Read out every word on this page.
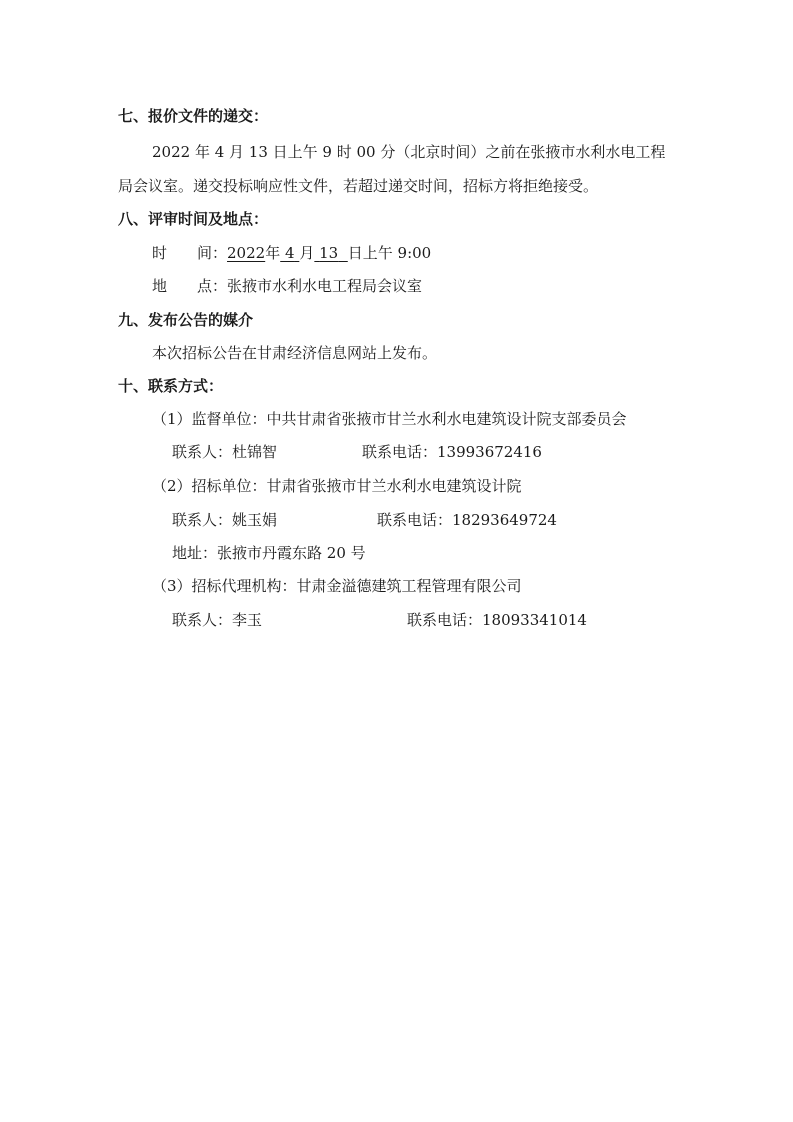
七、报价文件的递交：
2022 年 4 月 13 日上午 9 时 00 分（北京时间）之前在张掖市水利水电工程
局会议室。递交投标响应性文件，若超过递交时间，招标方将拒绝接受。
八、评审时间及地点：
时　　间：2022年 4 月 13 日上午 9:00
地　　点：张掖市水利水电工程局会议室
九、发布公告的媒介
本次招标公告在甘肃经济信息网站上发布。
十、联系方式：
（1）监督单位：中共甘肃省张掖市甘兰水利水电建筑设计院支部委员会
联系人：杜锦智	联系电话：13993672416
（2）招标单位：甘肃省张掖市甘兰水利水电建筑设计院
联系人：姚玉娟	联系电话：18293649724
地址：张掖市丹霞东路 20 号
（3）招标代理机构：甘肃金溢德建筑工程管理有限公司
联系人：李玉	联系电话：18093341014
